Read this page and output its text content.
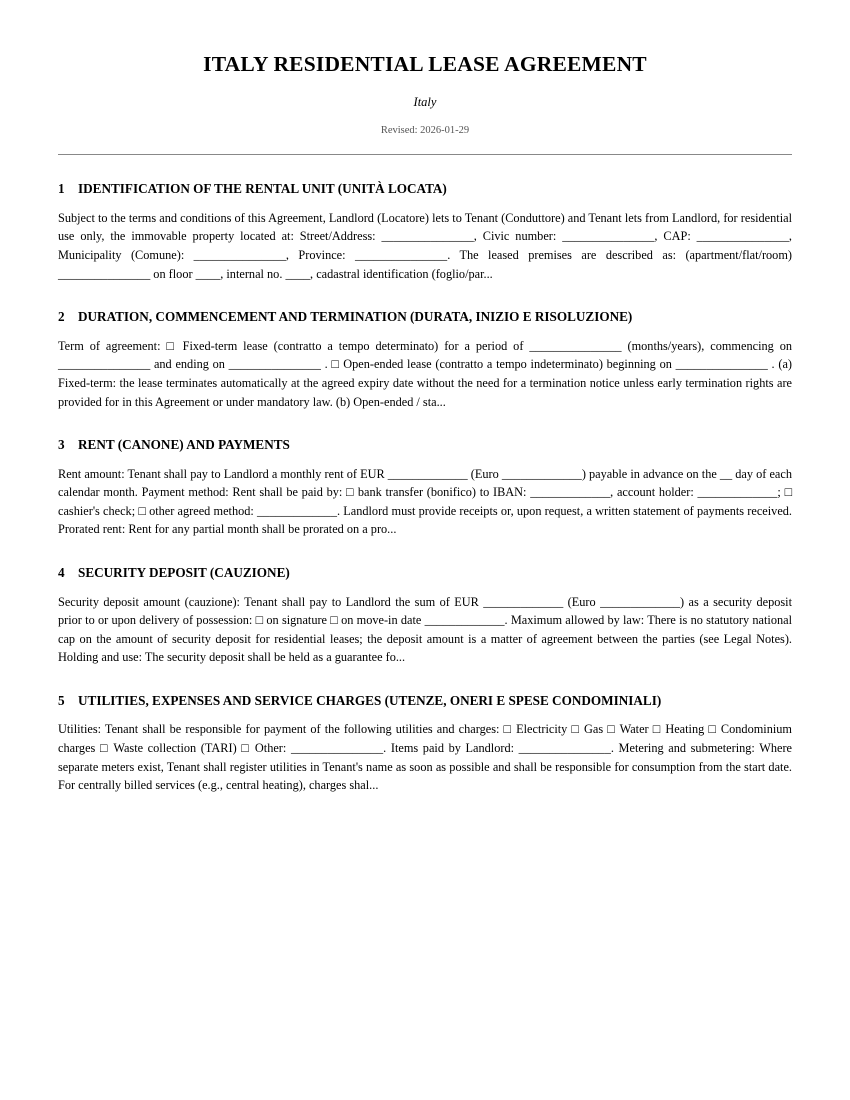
ITALY RESIDENTIAL LEASE AGREEMENT
Italy
Revised: 2026-01-29
1 IDENTIFICATION OF THE RENTAL UNIT (UNITÀ LOCATA)

Subject to the terms and conditions of this Agreement, Landlord (Locatore) lets to Tenant (Conduttore) and Tenant lets from Landlord, for residential use only, the immovable property located at: Street/Address: _______________, Civic number: _______________, CAP: _______________, Municipality (Comune): _______________, Province: _______________. The leased premises are described as: (apartment/flat/room) _______________ on floor ____, internal no. ____, cadastral identification (foglio/par...

2 DURATION, COMMENCEMENT AND TERMINATION (DURATA, INIZIO E RISOLUZIONE)

Term of agreement: □ Fixed-term lease (contratto a tempo determinato) for a period of _______________ (months/years), commencing on _______________ and ending on _______________ . □ Open-ended lease (contratto a tempo indeterminato) beginning on _______________ . (a) Fixed-term: the lease terminates automatically at the agreed expiry date without the need for a termination notice unless early termination rights are provided for in this Agreement or under mandatory law. (b) Open-ended / sta...

3 RENT (CANONE) AND PAYMENTS

Rent amount: Tenant shall pay to Landlord a monthly rent of EUR _____________ (Euro _____________) payable in advance on the __ day of each calendar month. Payment method: Rent shall be paid by: □ bank transfer (bonifico) to IBAN: _____________, account holder: _____________; □ cashier's check; □ other agreed method: _____________. Landlord must provide receipts or, upon request, a written statement of payments received. Prorated rent: Rent for any partial month shall be prorated on a pro...

4 SECURITY DEPOSIT (CAUZIONE)

Security deposit amount (cauzione): Tenant shall pay to Landlord the sum of EUR _____________ (Euro _____________) as a security deposit prior to or upon delivery of possession: □ on signature □ on move-in date _____________. Maximum allowed by law: There is no statutory national cap on the amount of security deposit for residential leases; the deposit amount is a matter of agreement between the parties (see Legal Notes). Holding and use: The security deposit shall be held as a guarantee fo...

5 UTILITIES, EXPENSES AND SERVICE CHARGES (UTENZE, ONERI E SPESE CONDOMINIALI)

Utilities: Tenant shall be responsible for payment of the following utilities and charges: □ Electricity □ Gas □ Water □ Heating □ Condominium charges □ Waste collection (TARI) □ Other: _______________. Items paid by Landlord: _______________. Metering and submetering: Where separate meters exist, Tenant shall register utilities in Tenant's name as soon as possible and shall be responsible for consumption from the start date. For centrally billed services (e.g., central heating), charges shal...
